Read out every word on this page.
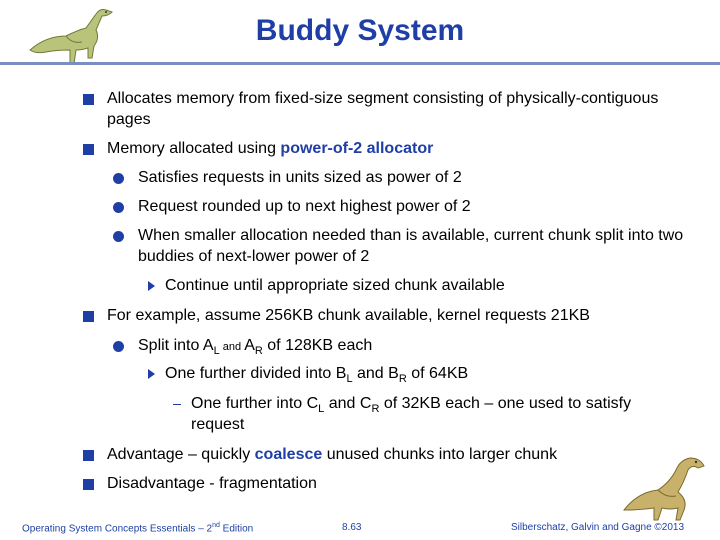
Buddy System
Allocates memory from fixed-size segment consisting of physically-contiguous pages
Memory allocated using power-of-2 allocator
Satisfies requests in units sized as power of 2
Request rounded up to next highest power of 2
When smaller allocation needed than is available, current chunk split into two buddies of next-lower power of 2
Continue until appropriate sized chunk available
For example, assume 256KB chunk available, kernel requests 21KB
Split into $A_L$ and $A_R$ of 128KB each
One further divided into $B_L$ and $B_R$ of 64KB
One further into $C_L$ and $C_R$ of 32KB each – one used to satisfy request
Advantage – quickly coalesce unused chunks into larger chunk
Disadvantage - fragmentation
Operating System Concepts Essentials – 2nd Edition	8.63	Silberschatz, Galvin and Gagne ©2013
